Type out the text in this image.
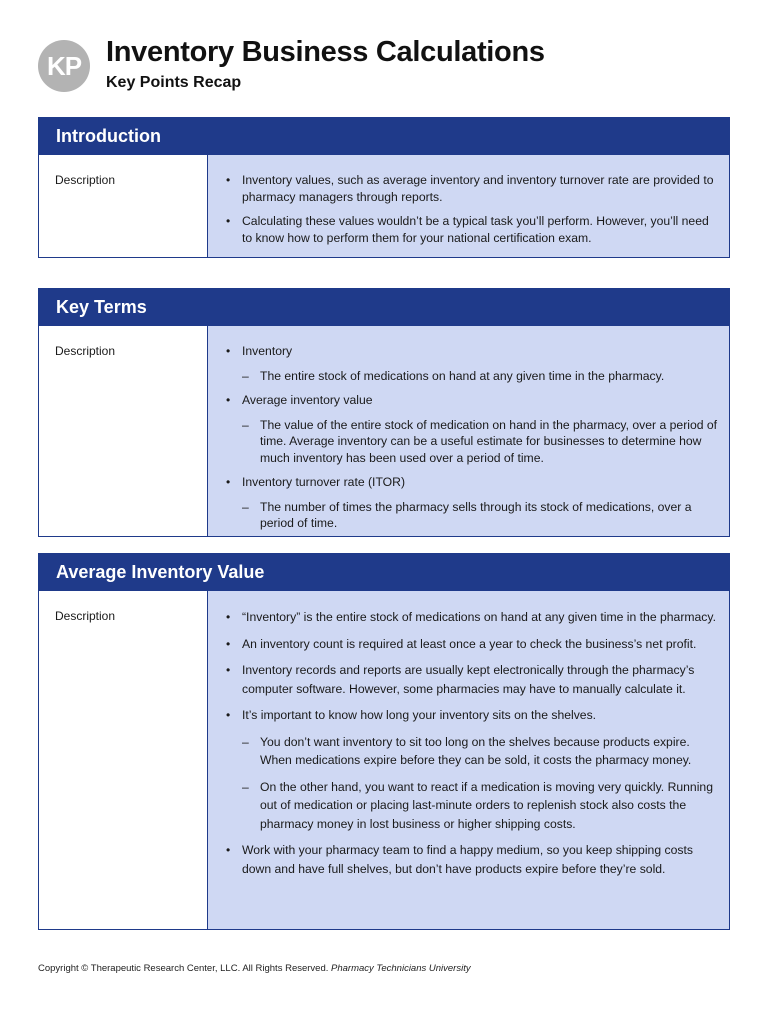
KP Inventory Business Calculations
Key Points Recap
Introduction
Description	• Inventory values, such as average inventory and inventory turnover rate are provided to pharmacy managers through reports.
• Calculating these values wouldn’t be a typical task you’ll perform. However, you’ll need to know how to perform them for your national certification exam.
Key Terms
Description	• Inventory
– The entire stock of medications on hand at any given time in the pharmacy.
• Average inventory value
– The value of the entire stock of medication on hand in the pharmacy, over a period of time. Average inventory can be a useful estimate for businesses to determine how much inventory has been used over a period of time.
• Inventory turnover rate (ITOR)
– The number of times the pharmacy sells through its stock of medications, over a period of time.
Average Inventory Value
Description	• “Inventory” is the entire stock of medications on hand at any given time in the pharmacy.
• An inventory count is required at least once a year to check the business’s net profit.
• Inventory records and reports are usually kept electronically through the pharmacy’s computer software. However, some pharmacies may have to manually calculate it.
• It’s important to know how long your inventory sits on the shelves.
– You don’t want inventory to sit too long on the shelves because products expire. When medications expire before they can be sold, it costs the pharmacy money.
– On the other hand, you want to react if a medication is moving very quickly. Running out of medication or placing last-minute orders to replenish stock also costs the pharmacy money in lost business or higher shipping costs.
• Work with your pharmacy team to find a happy medium, so you keep shipping costs down and have full shelves, but don’t have products expire before they’re sold.
Copyright © Therapeutic Research Center, LLC. All Rights Reserved. Pharmacy Technicians University
